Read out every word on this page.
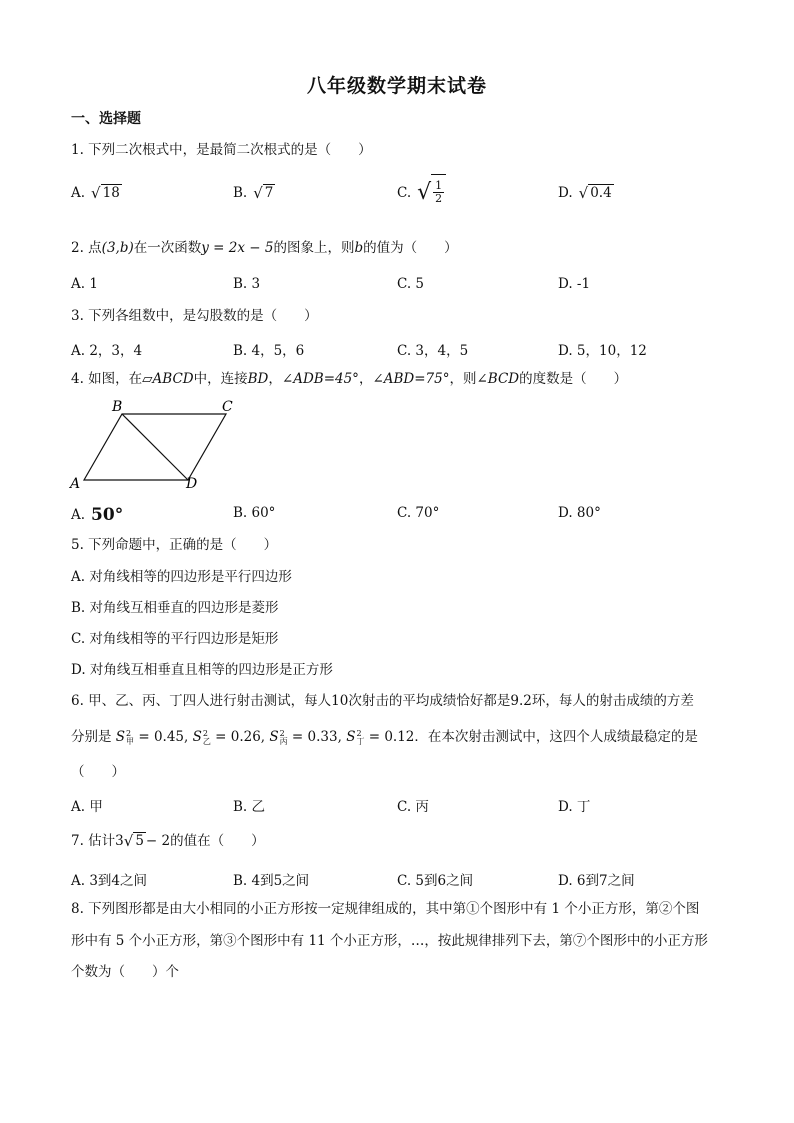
八年级数学期末试卷
一、选择题
1. 下列二次根式中，是最简二次根式的是（　　）
A. √ 18	B. √ 7	C. √ $\frac{1}{2}$	D. √ 0.4
2. 点(3,b)在一次函数y = 2x − 5的图象上，则b的值为（　　）
A. 1	B. 3	C. 5	D. -1
3. 下列各组数中，是勾股数的是（　　）
A. 2，3，4	B. 4，5，6	C. 3，4，5	D. 5，10，12
4. 如图，在▱ABCD中，连接BD，∠ADB=45°，∠ABD=75°，则∠BCD的度数是（　　）
A
B	C
D
A. 50°	B. 60°	C. 70°	D. 80°
5. 下列命题中，正确的是（　　）
A. 对角线相等的四边形是平行四边形
B. 对角线互相垂直的四边形是菱形
C. 对角线相等的平行四边形是矩形
D. 对角线互相垂直且相等的四边形是正方形
6. 甲、乙、丙、丁四人进行射击测试，每人10次射击的平均成绩恰好都是9.2环，每人的射击成绩的方差
分别是 S 2
甲 = 0.45, S 2
乙 = 0.26, S 2
丙 = 0.33, S 2
丁 = 0.12．在本次射击测试中，这四个人成绩最稳定的是
（　　）
A. 甲	B. 乙	C. 丙	D. 丁
7. 估计 3 √ 5 − 2 的值在（　　）
A. 3到4之间	B. 4到5之间	C. 5到6之间	D. 6到7之间
8. 下列图形都是由大小相同的小正方形按一定规律组成的，其中第①个图形中有 1 个小正方形，第②个图
形中有 5 个小正方形，第③个图形中有 11 个小正方形，…，按此规律排列下去，第⑦个图形中的小正方形
个数为（　　）个
